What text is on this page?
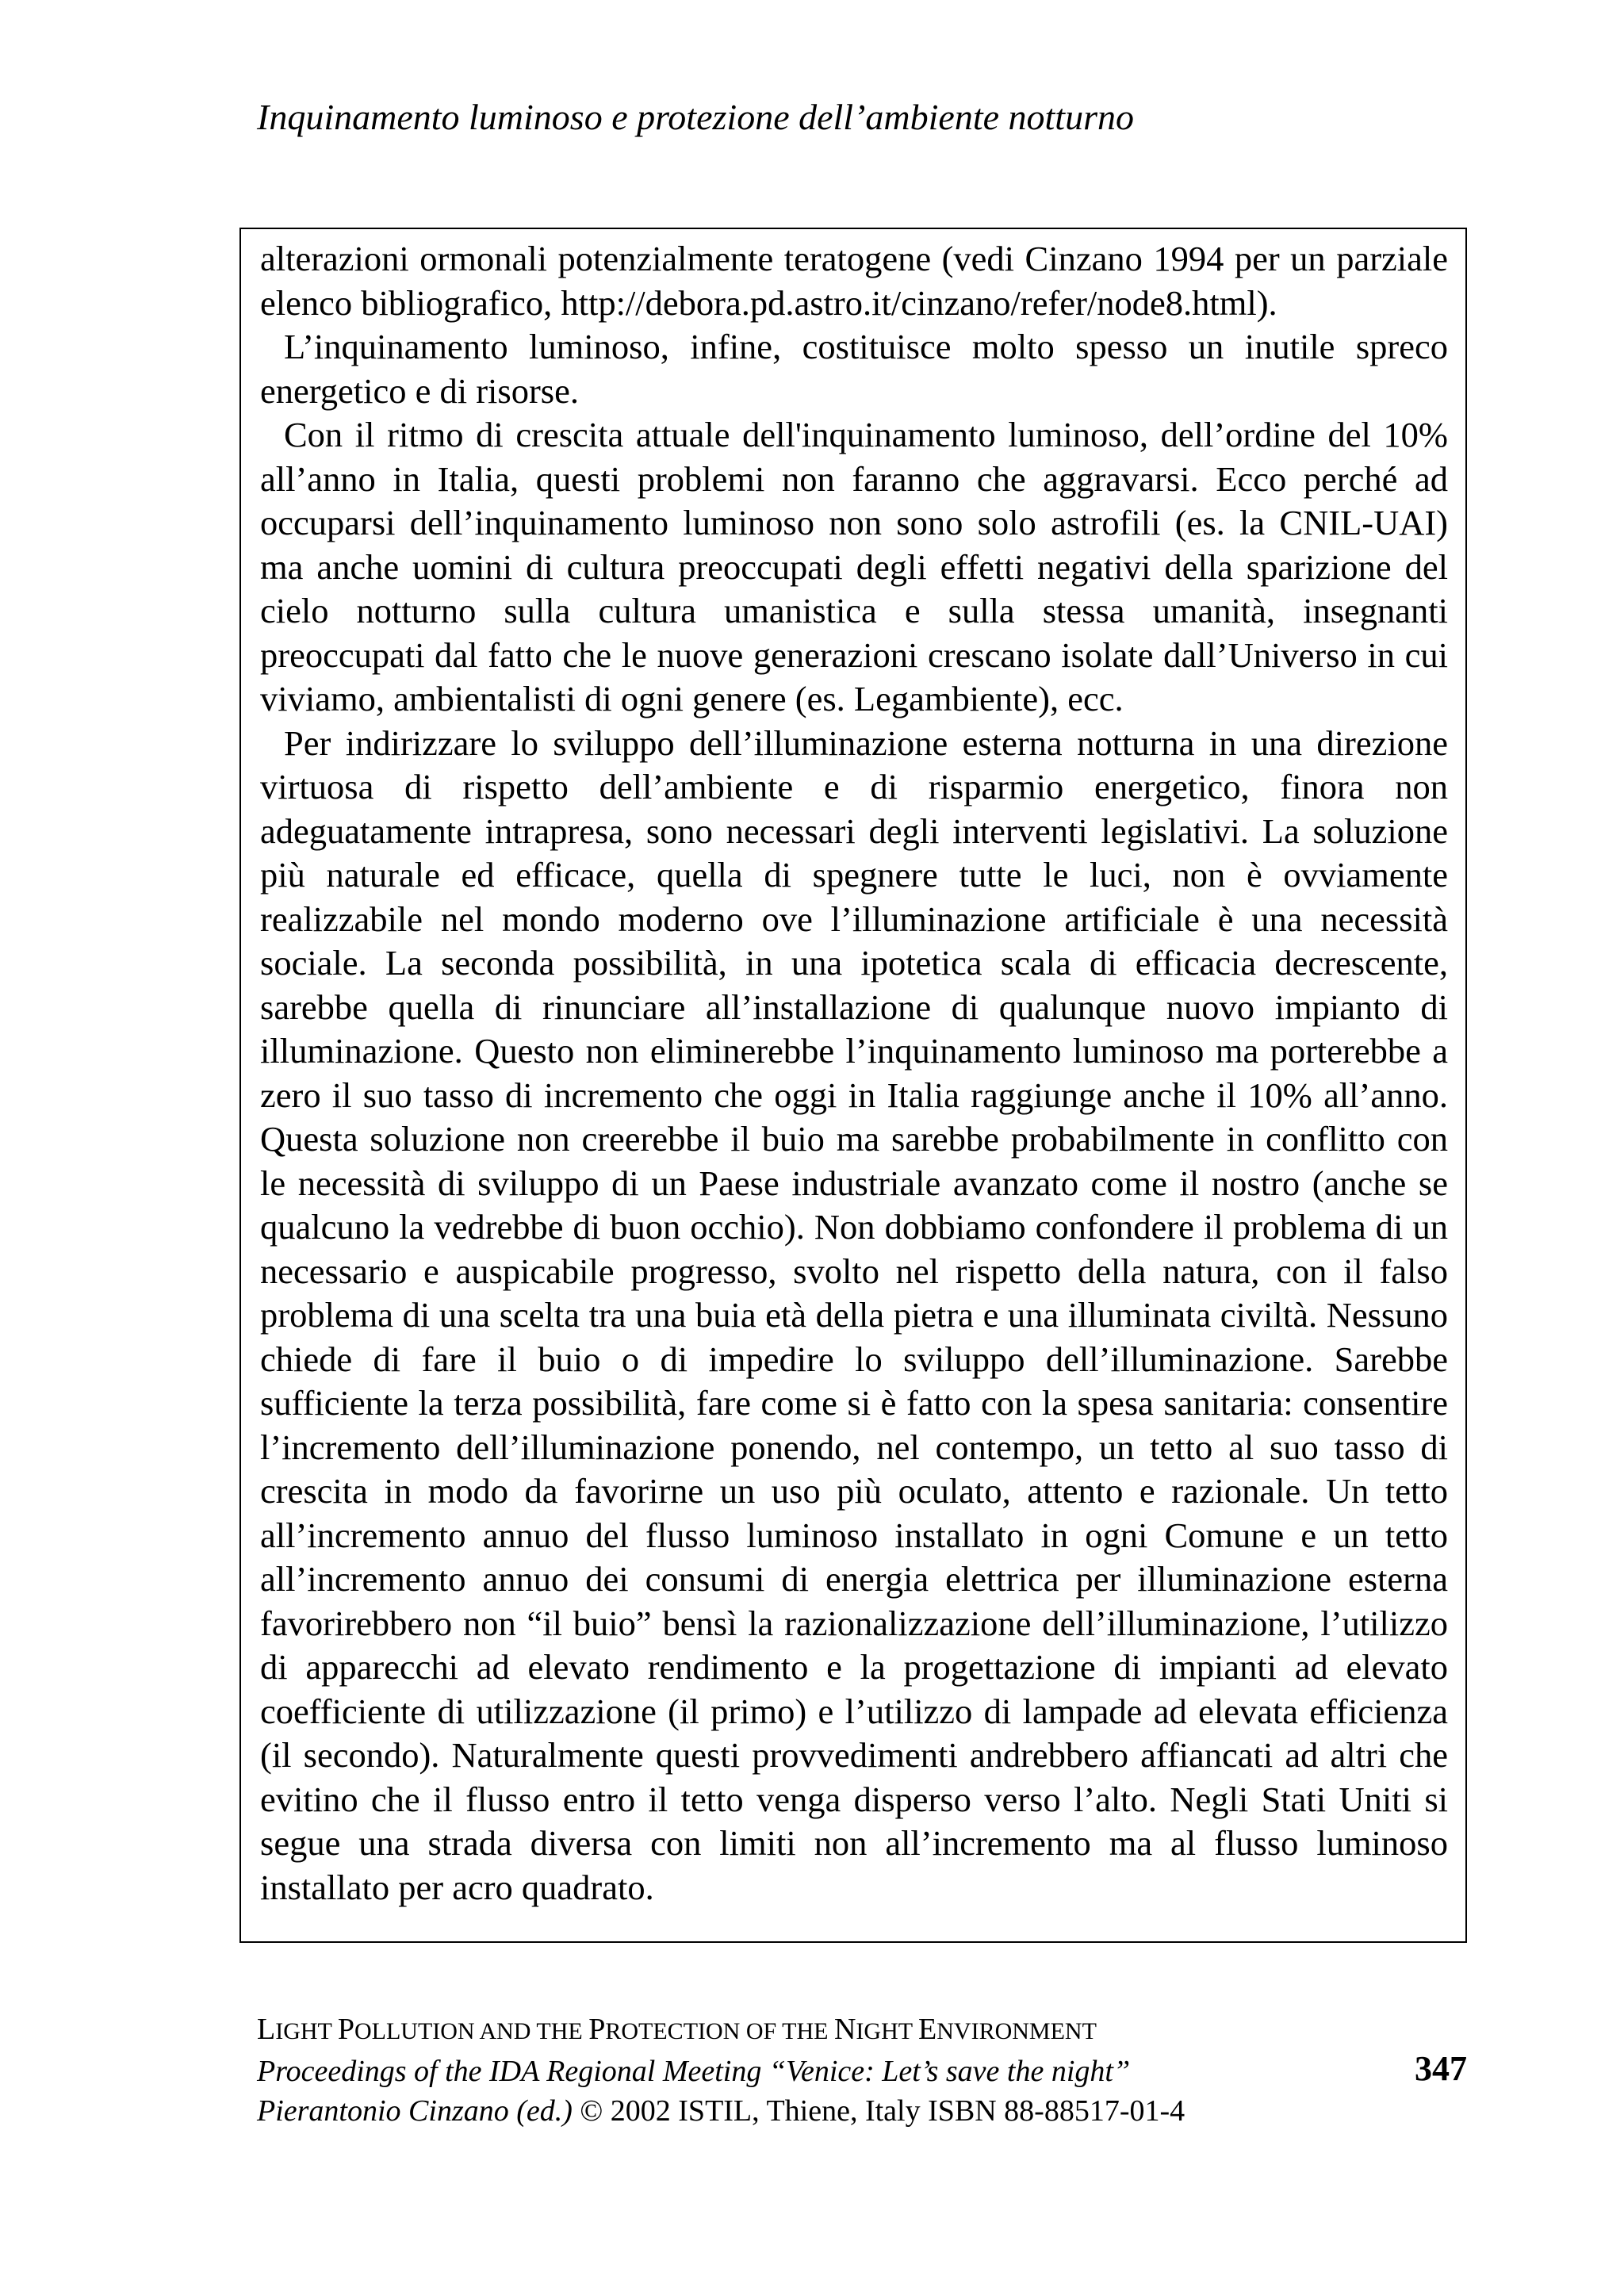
Inquinamento luminoso e protezione dell’ambiente notturno

alterazioni ormonali potenzialmente teratogene (vedi Cinzano 1994 per un parziale elenco bibliografico, http://debora.pd.astro.it/cinzano/refer/node8.html).

L’inquinamento luminoso, infine, costituisce molto spesso un inutile spreco energetico e di risorse.

Con il ritmo di crescita attuale dell'inquinamento luminoso, dell’ordine del 10% all’anno in Italia, questi problemi non faranno che aggravarsi. Ecco perché ad occuparsi dell’inquinamento luminoso non sono solo astrofili (es. la CNIL-UAI) ma anche uomini di cultura preoccupati degli effetti negativi della sparizione del cielo notturno sulla cultura umanistica e sulla stessa umanità, insegnanti preoccupati dal fatto che le nuove generazioni crescano isolate dall’Universo in cui viviamo, ambientalisti di ogni genere (es. Legambiente), ecc.

Per indirizzare lo sviluppo dell’illuminazione esterna notturna in una direzione virtuosa di rispetto dell’ambiente e di risparmio energetico, finora non adeguatamente intrapresa, sono necessari degli interventi legislativi. La soluzione più naturale ed efficace, quella di spegnere tutte le luci, non è ovviamente realizzabile nel mondo moderno ove l’illuminazione artificiale è una necessità sociale. La seconda possibilità, in una ipotetica scala di efficacia decrescente, sarebbe quella di rinunciare all’installazione di qualunque nuovo impianto di illuminazione. Questo non eliminerebbe l’inquinamento luminoso ma porterebbe a zero il suo tasso di incremento che oggi in Italia raggiunge anche il 10% all’anno. Questa soluzione non creerebbe il buio ma sarebbe probabilmente in conflitto con le necessità di sviluppo di un Paese industriale avanzato come il nostro (anche se qualcuno la vedrebbe di buon occhio). Non dobbiamo confondere il problema di un necessario e auspicabile progresso, svolto nel rispetto della natura, con il falso problema di una scelta tra una buia età della pietra e una illuminata civiltà. Nessuno chiede di fare il buio o di impedire lo sviluppo dell’illuminazione. Sarebbe sufficiente la terza possibilità, fare come si è fatto con la spesa sanitaria: consentire l’incremento dell’illuminazione ponendo, nel contempo, un tetto al suo tasso di crescita in modo da favorirne un uso più oculato, attento e razionale. Un tetto all’incremento annuo del flusso luminoso installato in ogni Comune e un tetto all’incremento annuo dei consumi di energia elettrica per illuminazione esterna favorirebbero non “il buio” bensì la razionalizzazione dell’illuminazione, l’utilizzo di apparecchi ad elevato rendimento e la progettazione di impianti ad elevato coefficiente di utilizzazione (il primo) e l’utilizzo di lampade ad elevata efficienza (il secondo). Naturalmente questi provvedimenti andrebbero affiancati ad altri che evitino che il flusso entro il tetto venga disperso verso l’alto. Negli Stati Uniti si segue una strada diversa con limiti non all’incremento ma al flusso luminoso installato per acro quadrato.

LIGHT POLLUTION AND THE PROTECTION OF THE NIGHT ENVIRONMENT
Proceedings of the IDA Regional Meeting “Venice: Let’s save the night”
Pierantonio Cinzano (ed.) © 2002 ISTIL, Thiene, Italy ISBN 88-88517-01-4
347
